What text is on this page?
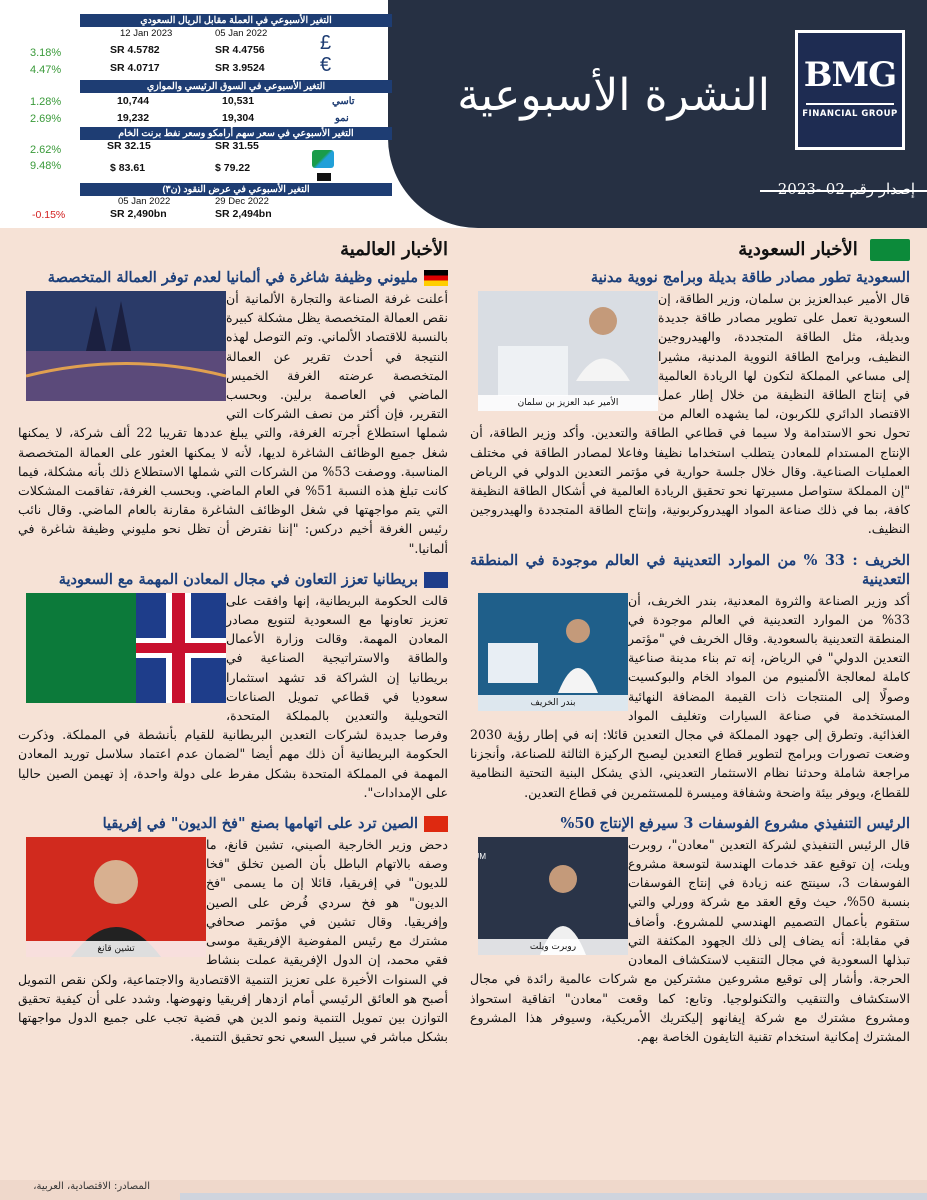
التغير الأسبوعي في العملة مقابل الريال السعودي
12 Jan 2023	05 Jan 2022
3.18%	SR 4.5782	SR 4.4756	£
4.47%	SR 4.0717	SR 3.9524	€
التغير الأسبوعي في السوق الرئيسي والموازي
1.28%	10,744	10,531	تاسي
2.69%	19,232	19,304	نمو
التغير الأسبوعي في سعر سهم أرامكو وسعر نفط برنت الخام
2.62%	SR 32.15	SR 31.55
9.48%	$ 83.61	$ 79.22
التغير الأسبوعي في عرض النقود (ن٣)
05 Jan 2022	29 Dec 2022
-0.15%	SR 2,490bn	SR 2,494bn
النشرة الأسبوعية BMG
FINANCIAL GROUP
إصدار رقم 02 -2023
الأخبار السعودية
السعودية تطور مصادر طاقة بديلة وبرامج نووية مدنية
الأمير عبد العزيز بن سلمان
قال الأمير عبدالعزيز بن سلمان، وزير الطاقة، إن السعودية تعمل على تطوير مصادر طاقة جديدة وبديلة، مثل الطاقة المتجددة، والهيدروجين النظيف، وبرامج الطاقة النووية المدنية، مشيرا إلى مساعي المملكة لتكون لها الريادة العالمية في إنتاج الطاقة النظيفة من خلال إطار عمل الاقتصاد الدائري للكربون، لما يشهده العالم من تحول نحو الاستدامة ولا سيما في قطاعي الطاقة والتعدين. وأكد وزير الطاقة، أن الإنتاج المستدام للمعادن يتطلب استخداما نظيفا وفاعلا لمصادر الطاقة في مختلف العمليات الصناعية. وقال خلال جلسة حوارية في مؤتمر التعدين الدولي في الرياض "إن المملكة ستواصل مسيرتها نحو تحقيق الريادة العالمية في أشكال الطاقة النظيفة كافة، بما في ذلك صناعة المواد الهيدروكربونية، وإنتاج الطاقة المتجددة والهيدروجين النظيف.
الخريف : 33 % من الموارد التعدينية في العالم موجودة في المنطقة التعدينية
بندر الخريف
أكد وزير الصناعة والثروة المعدنية، بندر الخريف، أن 33% من الموارد التعدينية في العالم موجودة في المنطقة التعدينية بالسعودية. وقال الخريف في "مؤتمر التعدين الدولي" في الرياض، إنه تم بناء مدينة صناعية كاملة لمعالجة الألمنيوم من المواد الخام والبوكسيت وصولًا إلى المنتجات ذات القيمة المضافة النهائية المستخدمة في صناعة السيارات وتغليف المواد الغذائية. وتطرق إلى جهود المملكة في مجال التعدين قائلا: إنه في إطار رؤية 2030 وضعت تصورات وبرامج لتطوير قطاع التعدين ليصبح الركيزة الثالثة للصناعة، وأنجزنا مراجعة شاملة وحدثنا نظام الاستثمار التعديني، الذي يشكل البنية التحتية النظامية للقطاع، ويوفر بيئة واضحة وشفافة وميسرة للمستثمرين في قطاع التعدين.
الرئيس التنفيذي مشروع الفوسفات 3 سيرفع الإنتاج 50%
M
روبرت ويلت
قال الرئيس التنفيذي لشركة التعدين "معادن"، روبرت ويلت، إن توقيع عقد خدمات الهندسة لتوسعة مشروع الفوسفات 3، سينتج عنه زيادة في إنتاج الفوسفات بنسبة 50%، حيث وقع العقد مع شركة وورلي والتي ستقوم بأعمال التصميم الهندسي للمشروع. وأضاف في مقابلة: أنه يضاف إلى ذلك الجهود المكثفة التي تبذلها السعودية في مجال التنقيب لاستكشاف المعادن الحرجة. وأشار إلى توقيع مشروعين مشتركين مع شركات عالمية رائدة في مجال الاستكشاف والتنقيب والتكنولوجيا. وتابع: كما وقعت "معادن" اتفاقية استحواذ ومشروع مشترك مع شركة إيفانهو إليكتريك الأمريكية، وسيوفر هذا المشروع المشترك إمكانية استخدام تقنية التايفون الخاصة بهم.
الأخبار العالمية
مليوني وظيفة شاغرة في ألمانيا لعدم توفر العمالة المتخصصة
أعلنت غرفة الصناعة والتجارة الألمانية أن نقص العمالة المتخصصة يظل مشكلة كبيرة بالنسبة للاقتصاد الألماني. وتم التوصل لهذه النتيجة في أحدث تقرير عن العمالة المتخصصة عرضته الغرفة الخميس الماضي في العاصمة برلين. وبحسب التقرير، فإن أكثر من نصف الشركات التي شملها استطلاع أجرته الغرفة، والتي يبلغ عددها تقريبا 22 ألف شركة، لا يمكنها شغل جميع الوظائف الشاغرة لديها، لأنه لا يمكنها العثور على العمالة المتخصصة المناسبة. ووصفت 53% من الشركات التي شملها الاستطلاع ذلك بأنه مشكلة، فيما كانت تبلغ هذه النسبة 51% في العام الماضي. وبحسب الغرفة، تفاقمت المشكلات التي يتم مواجهتها في شغل الوظائف الشاغرة مقارنة بالعام الماضي. وقال نائب رئيس الغرفة أخيم دركس: "إننا نفترض أن تظل نحو مليوني وظيفة شاغرة في ألمانيا."
بريطانيا تعزز التعاون في مجال المعادن المهمة مع السعودية
قالت الحكومة البريطانية، إنها وافقت على تعزيز تعاونها مع السعودية لتنويع مصادر المعادن المهمة. وقالت وزارة الأعمال والطاقة والاستراتيجية الصناعية في بريطانيا إن الشراكة قد تشهد استثمارا سعوديا في قطاعي تمويل الصناعات التحويلية والتعدين بالمملكة المتحدة، وفرصا جديدة لشركات التعدين البريطانية للقيام بأنشطة في المملكة. وذكرت الحكومة البريطانية أن ذلك مهم أيضا "لضمان عدم اعتماد سلاسل توريد المعادن المهمة في المملكة المتحدة بشكل مفرط على دولة واحدة، إذ تهيمن الصين حاليا على الإمدادات".
الصين ترد على اتهامها بصنع "فخ الديون" في إفريقيا
تشين قانغ
دحض وزير الخارجية الصيني، تشين قانغ، ما وصفه بالاتهام الباطل بأن الصين تخلق "فخا للديون" في إفريقيا، قائلا إن ما يسمى "فخ الديون" هو فخ سردي فُرض على الصين وإفريقيا. وقال تشين في مؤتمر صحافي مشترك مع رئيس المفوضية الإفريقية موسى فقي محمد، إن الدول الإفريقية عملت بنشاط في السنوات الأخيرة على تعزيز التنمية الاقتصادية والاجتماعية، ولكن نقص التمويل أصبح هو العائق الرئيسي أمام ازدهار إفريقيا ونهوضها. وشدد على أن كيفية تحقيق التوازن بين تمويل التنمية ونمو الدين هي قضية تجب على جميع الدول مواجهتها بشكل مباشر في سبيل السعي نحو تحقيق التنمية.
المصادر: الاقتصادية، العربية،
